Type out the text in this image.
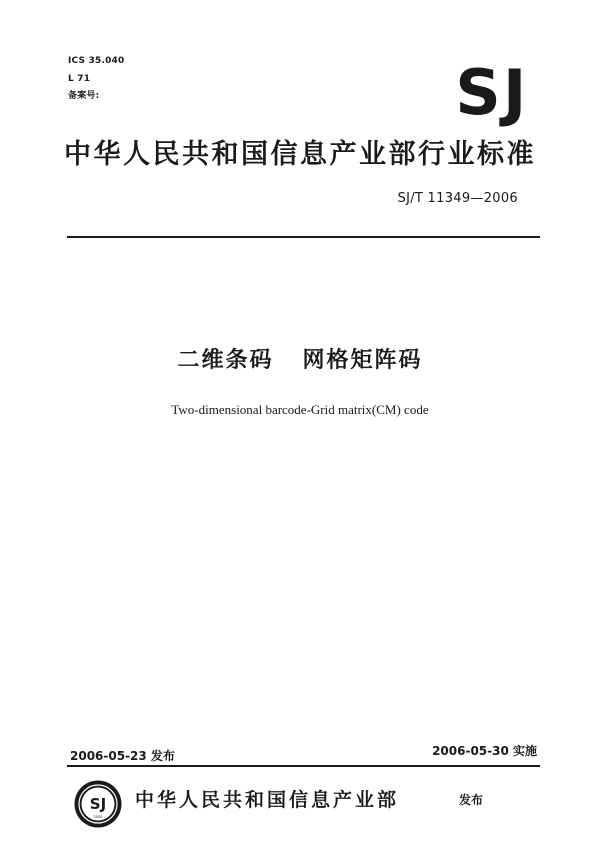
ICS 35.040
L 71
备案号:	SJ
中华人民共和国信息产业部行业标准
SJ/T 11349—2006
二维条码   网格矩阵码
Two-dimensional barcode-Grid matrix(CM) code
2006-05-23 发布	2006-05-30 实施
SJ
2005
中华人民共和国信息产业部	发布
